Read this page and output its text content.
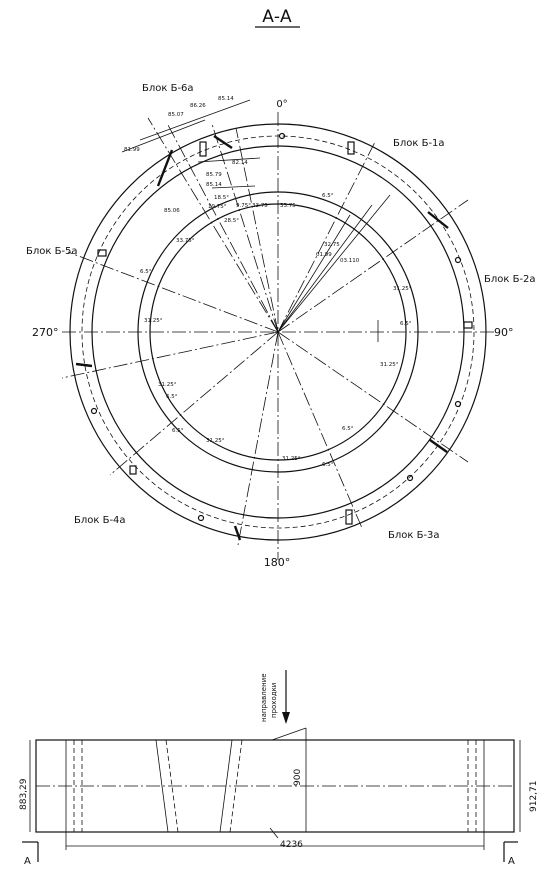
А-А
0°
90°
180°
270°
Блок Б-6а
Блок Б-1а
Блок Б-2а
Блок Б-3а
Блок Б-4а
Блок Б-5а
85.14
86.26
85.07
81.99
82.14
85.79
85.14
85.06
18.5°
9.75°
19.75°
28.5°
33.75°
33.75
6.5°
01.99
32.75
03.110
6.5°
31.25°	6.5°
31.25°
31.25°
6.5°
31.25°
6.5°
31.25°
6.5°
31.25°
6.5°
33.75
направление проходки
883,29	912,71
900
4236
А	А
